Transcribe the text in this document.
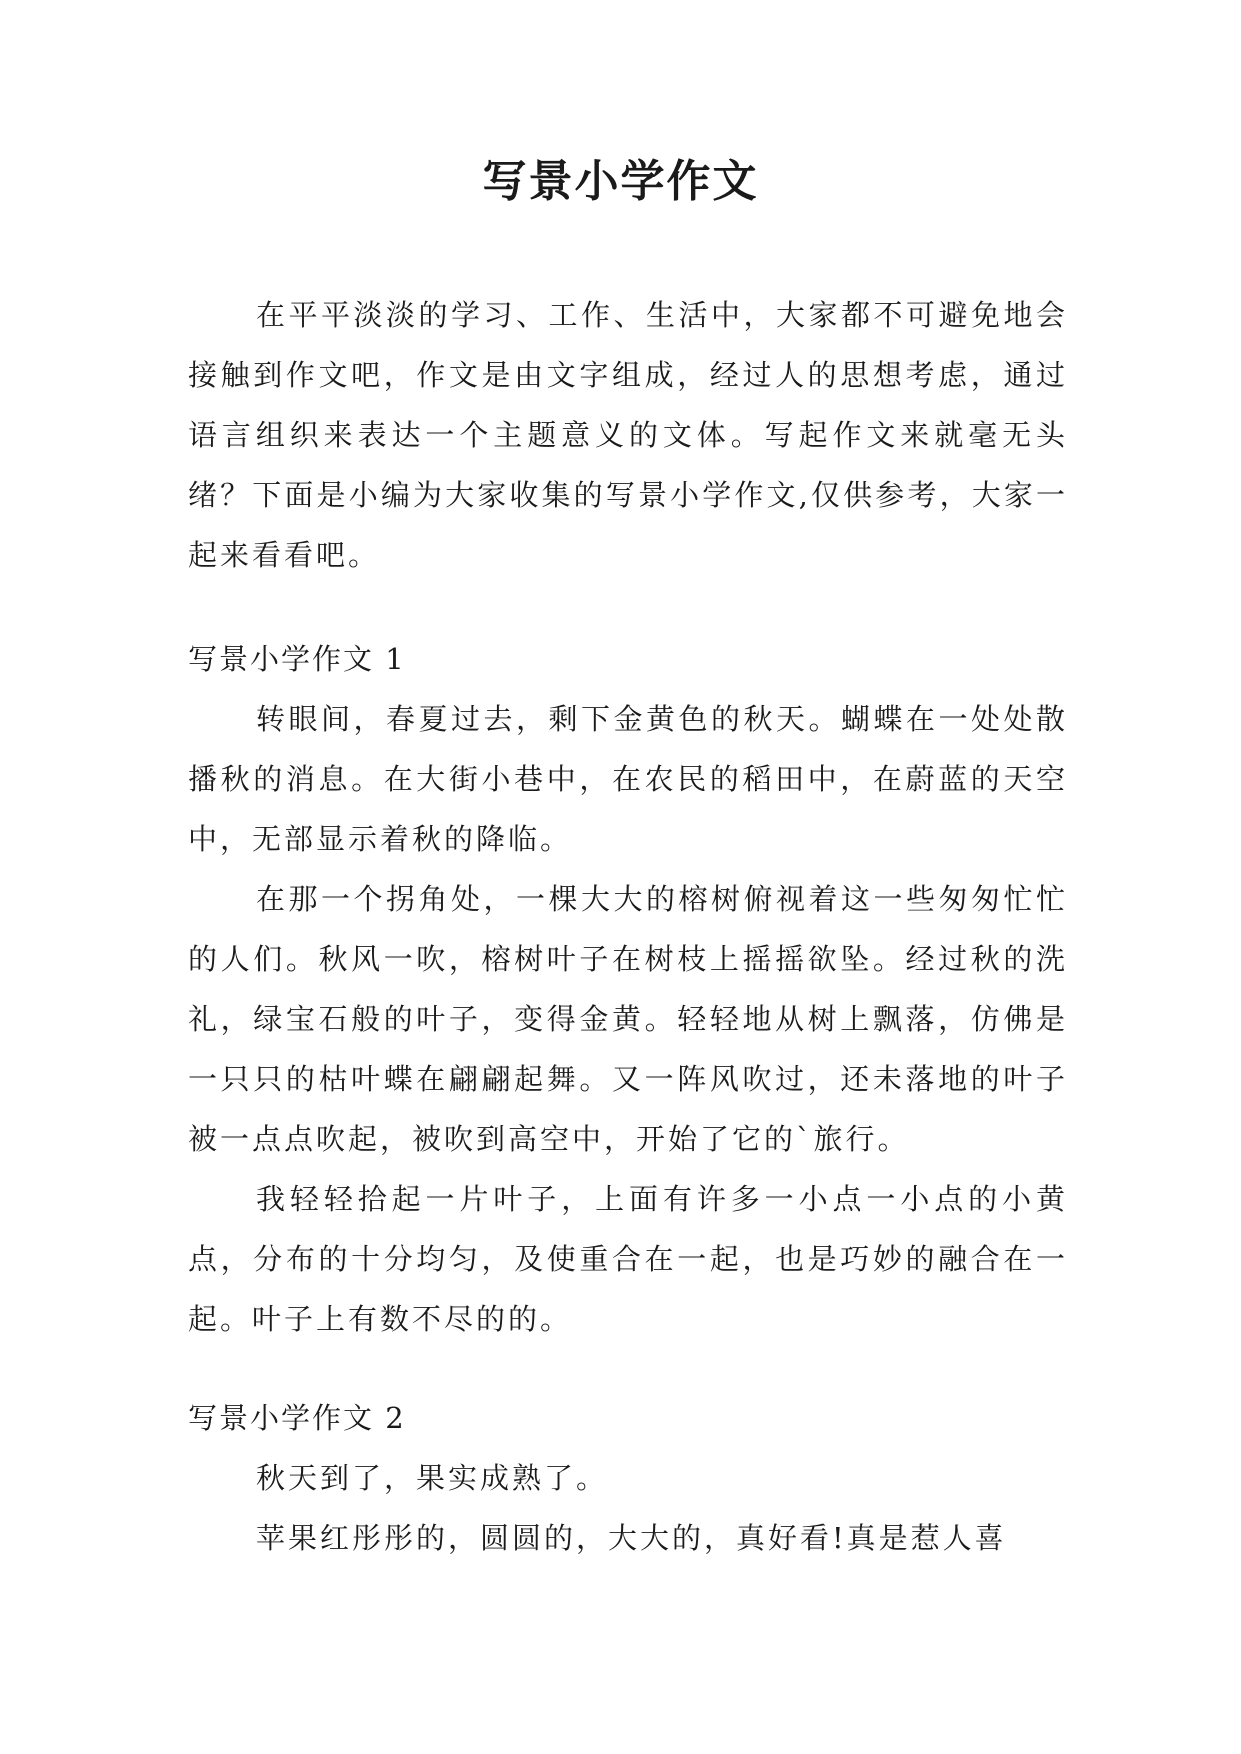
写景小学作文

在平平淡淡的学习、工作、生活中，大家都不可避免地会接触到作文吧，作文是由文字组成，经过人的思想考虑，通过语言组织来表达一个主题意义的文体。写起作文来就毫无头绪？下面是小编为大家收集的写景小学作文,仅供参考，大家一起来看看吧。

写景小学作文 1

转眼间，春夏过去，剩下金黄色的秋天。蝴蝶在一处处散播秋的消息。在大街小巷中，在农民的稻田中，在蔚蓝的天空中，无部显示着秋的降临。

在那一个拐角处，一棵大大的榕树俯视着这一些匆匆忙忙的人们。秋风一吹，榕树叶子在树枝上摇摇欲坠。经过秋的洗礼，绿宝石般的叶子，变得金黄。轻轻地从树上飘落，仿佛是一只只的枯叶蝶在翩翩起舞。又一阵风吹过，还未落地的叶子被一点点吹起，被吹到高空中，开始了它的`旅行。

我轻轻拾起一片叶子，上面有许多一小点一小点的小黄点，分布的十分均匀，及使重合在一起，也是巧妙的融合在一起。叶子上有数不尽的的。

写景小学作文 2

秋天到了，果实成熟了。

苹果红彤彤的，圆圆的，大大的，真好看!真是惹人喜
